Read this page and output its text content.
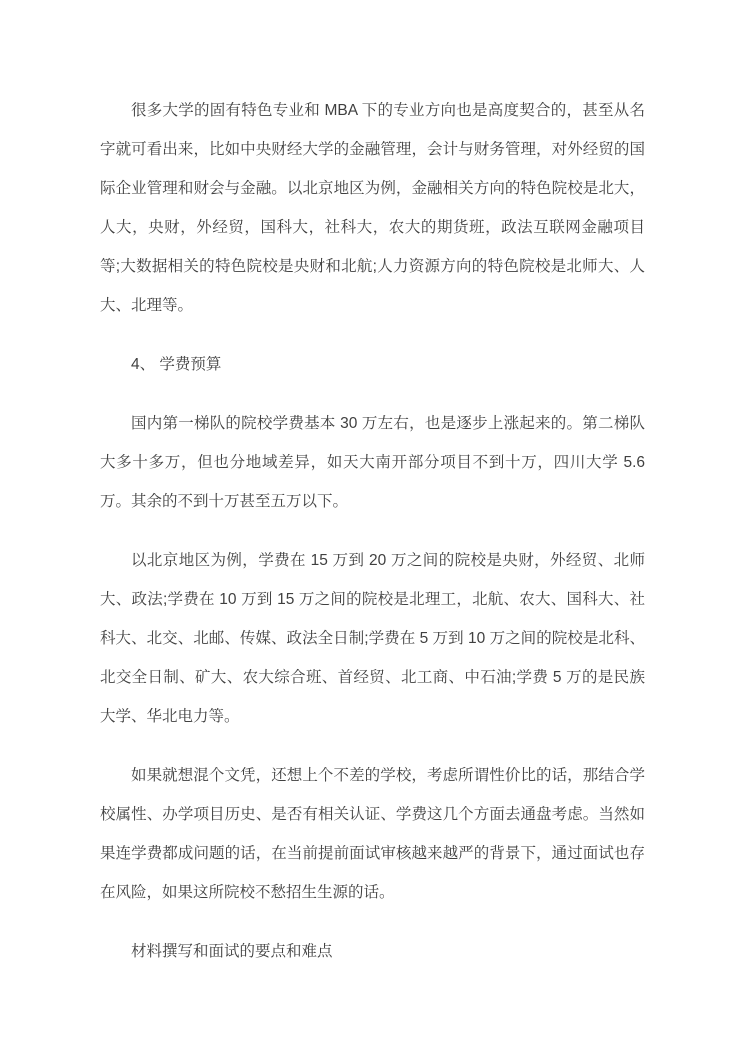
很多大学的固有特色专业和 MBA 下的专业方向也是高度契合的，甚至从名字就可看出来，比如中央财经大学的金融管理，会计与财务管理，对外经贸的国际企业管理和财会与金融。以北京地区为例，金融相关方向的特色院校是北大，人大，央财，外经贸，国科大，社科大，农大的期货班，政法互联网金融项目等;大数据相关的特色院校是央财和北航;人力资源方向的特色院校是北师大、人大、北理等。

4、 学费预算

国内第一梯队的院校学费基本 30 万左右，也是逐步上涨起来的。第二梯队大多十多万，但也分地域差异，如天大南开部分项目不到十万，四川大学 5.6 万。其余的不到十万甚至五万以下。

以北京地区为例，学费在 15 万到 20 万之间的院校是央财，外经贸、北师大、政法;学费在 10 万到 15 万之间的院校是北理工，北航、农大、国科大、社科大、北交、北邮、传媒、政法全日制;学费在 5 万到 10 万之间的院校是北科、北交全日制、矿大、农大综合班、首经贸、北工商、中石油;学费 5 万的是民族大学、华北电力等。

如果就想混个文凭，还想上个不差的学校，考虑所谓性价比的话，那结合学校属性、办学项目历史、是否有相关认证、学费这几个方面去通盘考虑。当然如果连学费都成问题的话，在当前提前面试审核越来越严的背景下，通过面试也存在风险，如果这所院校不愁招生生源的话。

材料撰写和面试的要点和难点
